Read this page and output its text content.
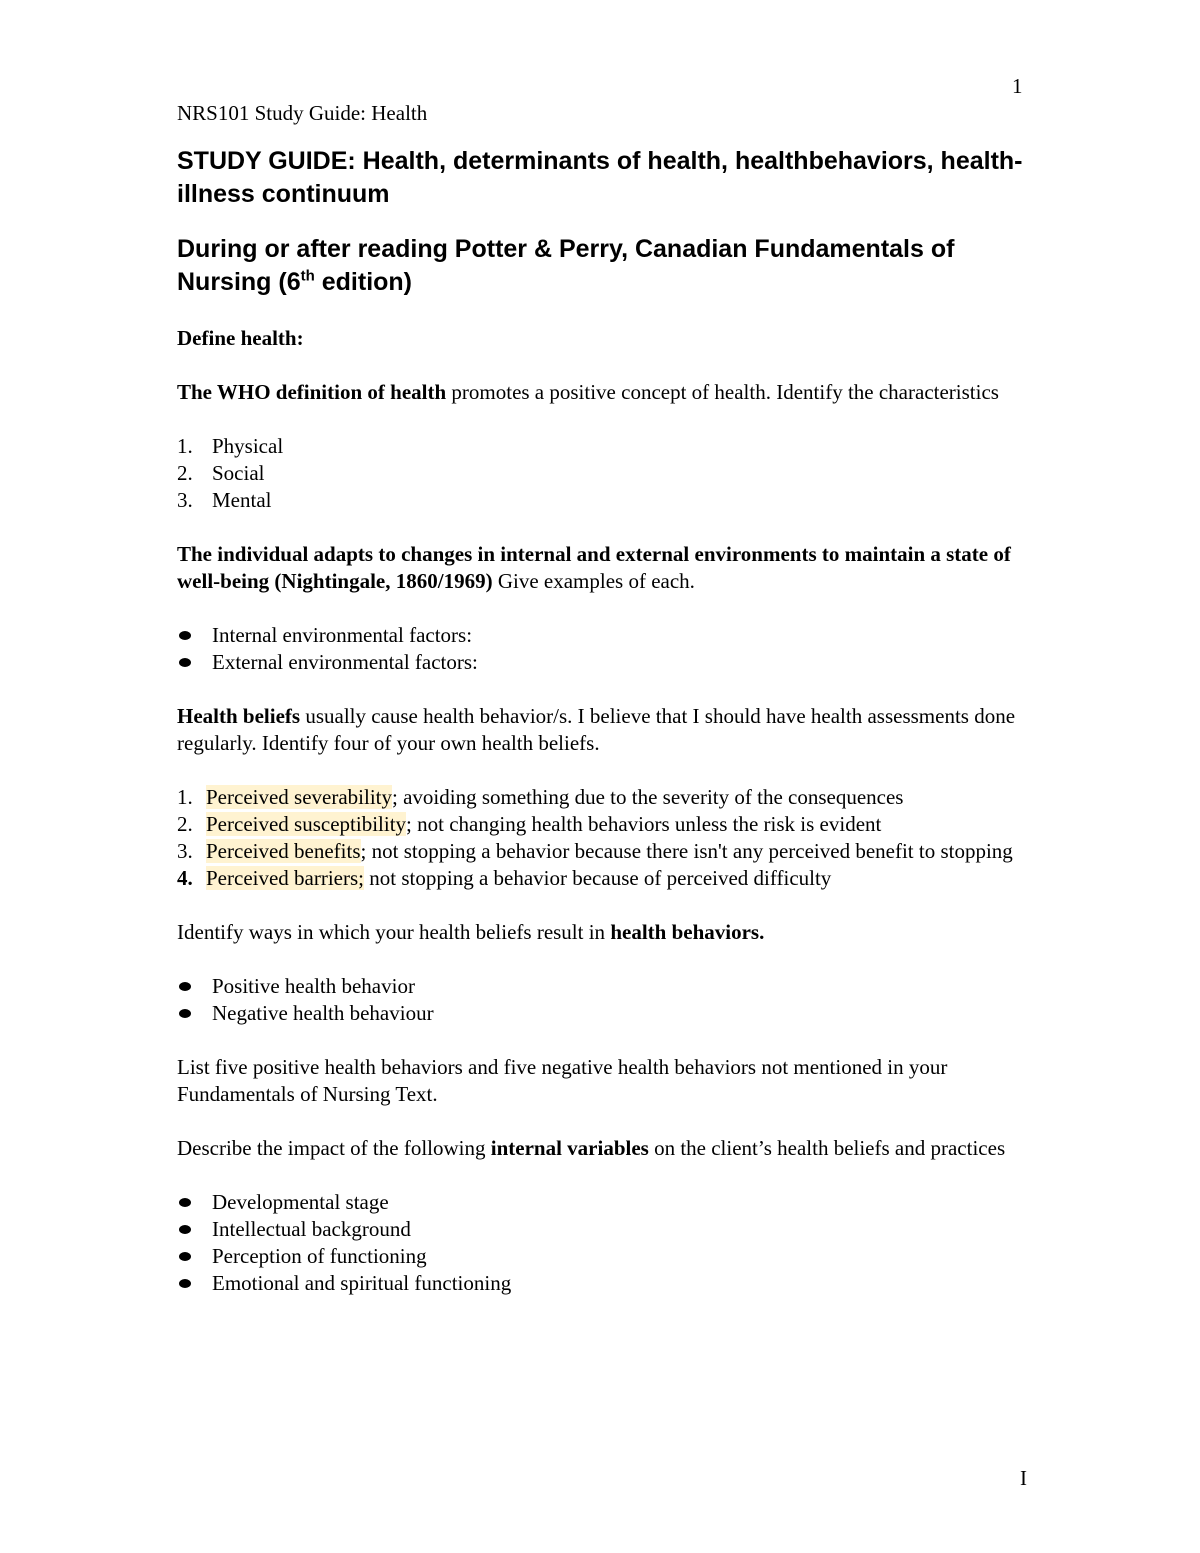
1
NRS101 Study Guide: Health
STUDY GUIDE: Health, determinants of health, healthbehaviors, health-illness continuum
During or after reading Potter & Perry, Canadian Fundamentals of Nursing (6th edition)

Define health:

The WHO definition of health promotes a positive concept of health. Identify the characteristics

1. Physical
2. Social
3. Mental

The individual adapts to changes in internal and external environments to maintain a state of well-being (Nightingale, 1860/1969) Give examples of each.

Internal environmental factors:
External environmental factors:

Health beliefs usually cause health behavior/s. I believe that I should have health assessments done regularly. Identify four of your own health beliefs.

1. Perceived severability; avoiding something due to the severity of the consequences
2. Perceived susceptibility; not changing health behaviors unless the risk is evident
3. Perceived benefits; not stopping a behavior because there isn't any perceived benefit to stopping
4. Perceived barriers; not stopping a behavior because of perceived difficulty

Identify ways in which your health beliefs result in health behaviors.

Positive health behavior
Negative health behaviour

List five positive health behaviors and five negative health behaviors not mentioned in your Fundamentals of Nursing Text.

Describe the impact of the following internal variables on the client’s health beliefs and practices

Developmental stage
Intellectual background
Perception of functioning
Emotional and spiritual functioning
I
